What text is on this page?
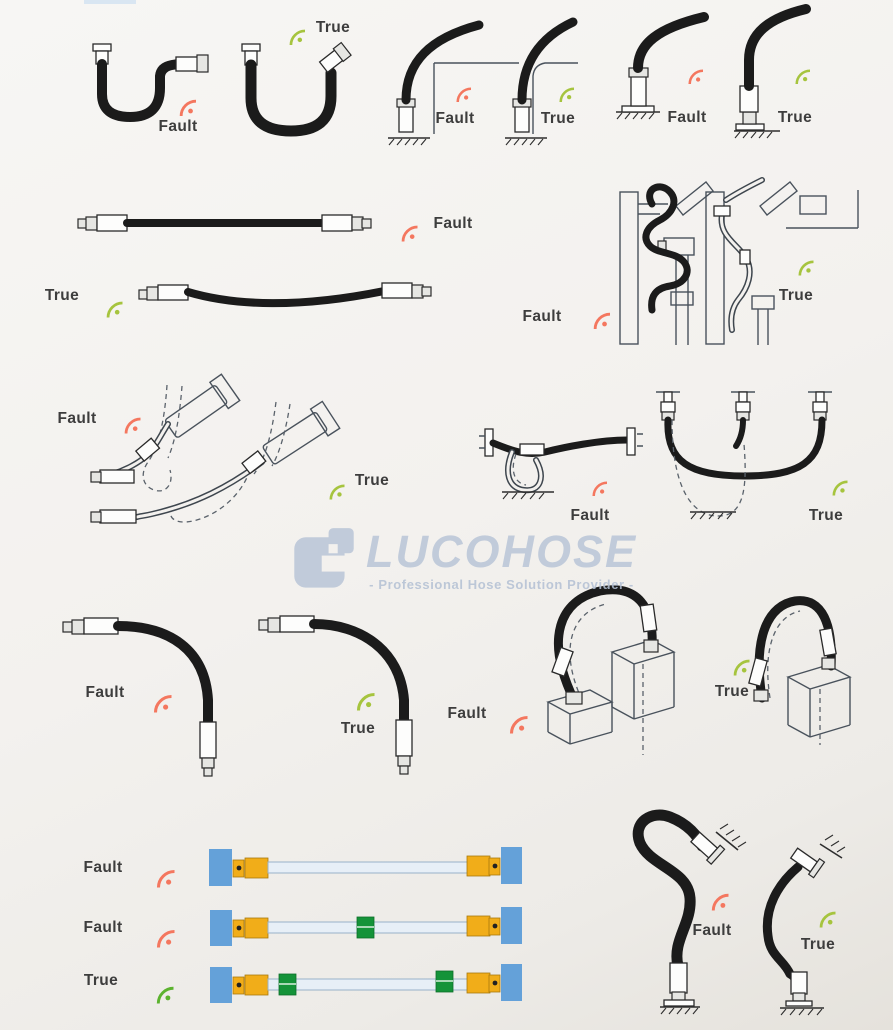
LUCOHOSE
- Professional Hose Solution Provider -
True
Fault	Fault	True	Fault	True
Fault
True
Fault
True
Fault
True
Fault	True
Fault
True
Fault
True
Fault
Fault
True
Fault
True
